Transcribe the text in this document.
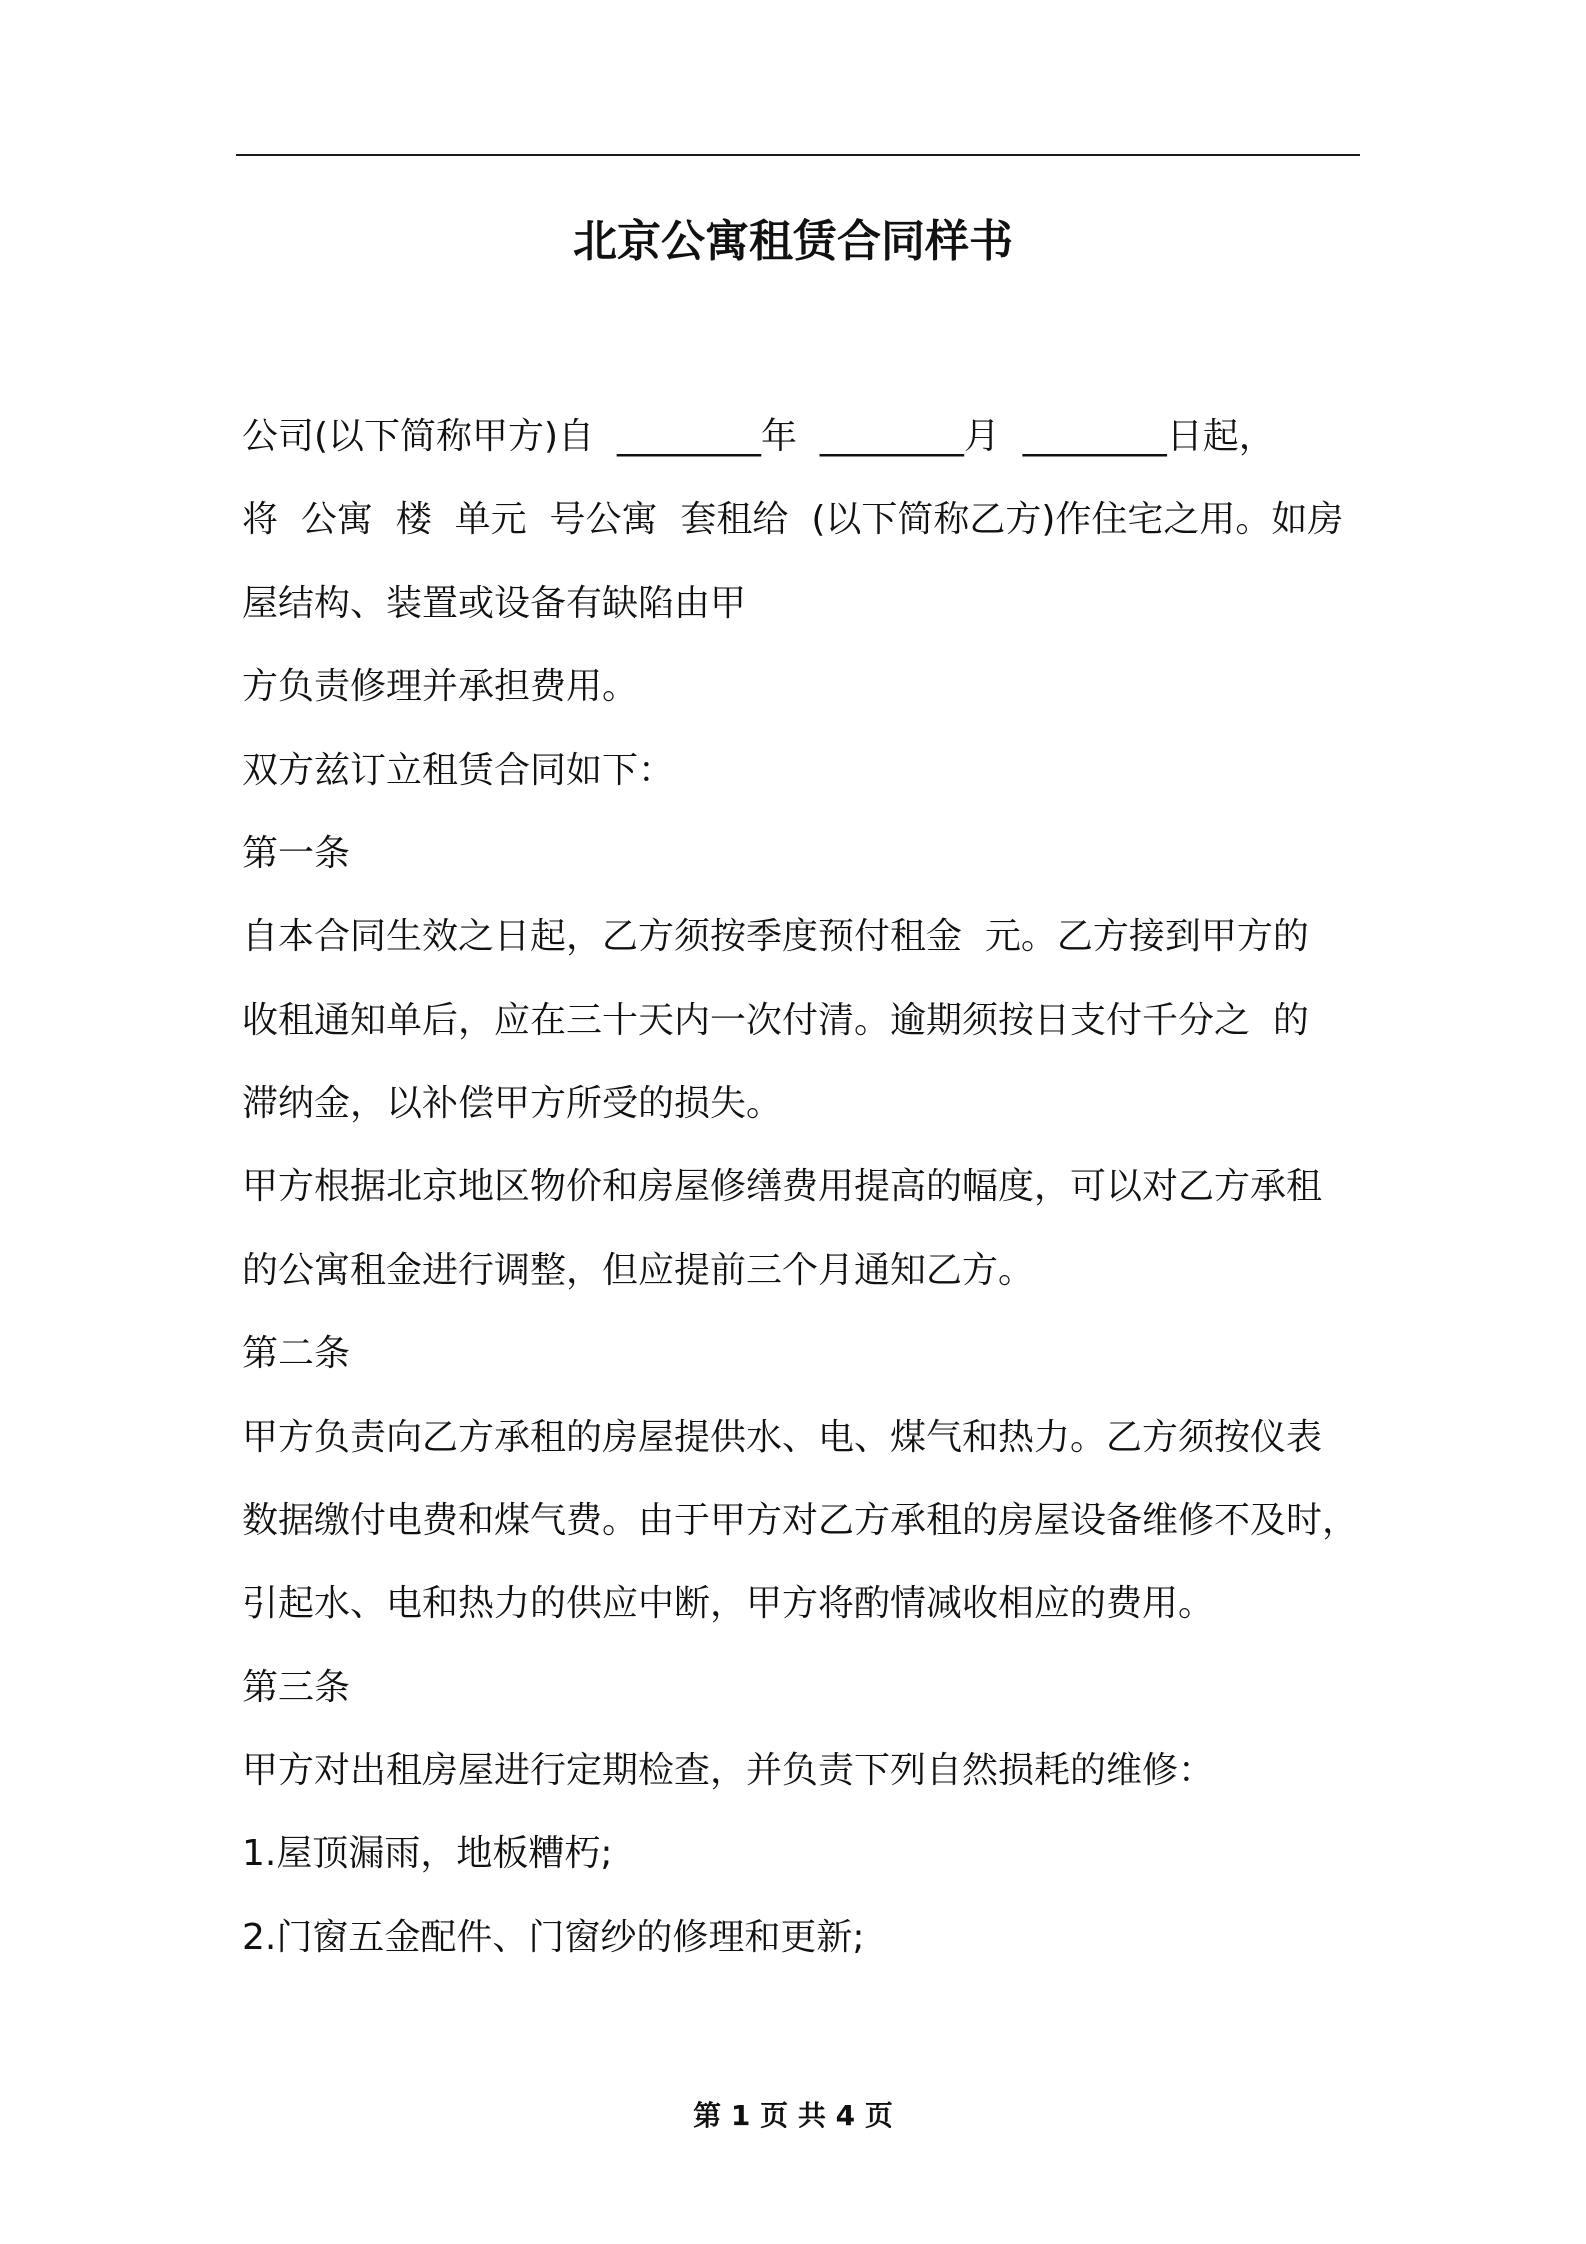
北京公寓租赁合同样书

公司(以下简称甲方)自  ________年  ________月  ________日起，

将  公寓  楼  单元  号公寓  套租给  (以下简称乙方)作住宅之用。如房

屋结构、装置或设备有缺陷由甲

方负责修理并承担费用。

双方兹订立租赁合同如下：

第一条

自本合同生效之日起，乙方须按季度预付租金  元。乙方接到甲方的

收租通知单后，应在三十天内一次付清。逾期须按日支付千分之  的

滞纳金，以补偿甲方所受的损失。

甲方根据北京地区物价和房屋修缮费用提高的幅度，可以对乙方承租

的公寓租金进行调整，但应提前三个月通知乙方。

第二条

甲方负责向乙方承租的房屋提供水、电、煤气和热力。乙方须按仪表

数据缴付电费和煤气费。由于甲方对乙方承租的房屋设备维修不及时，

引起水、电和热力的供应中断，甲方将酌情减收相应的费用。

第三条

甲方对出租房屋进行定期检查，并负责下列自然损耗的维修：

1.屋顶漏雨，地板糟朽;

2.门窗五金配件、门窗纱的修理和更新;

第 1 页 共 4 页
